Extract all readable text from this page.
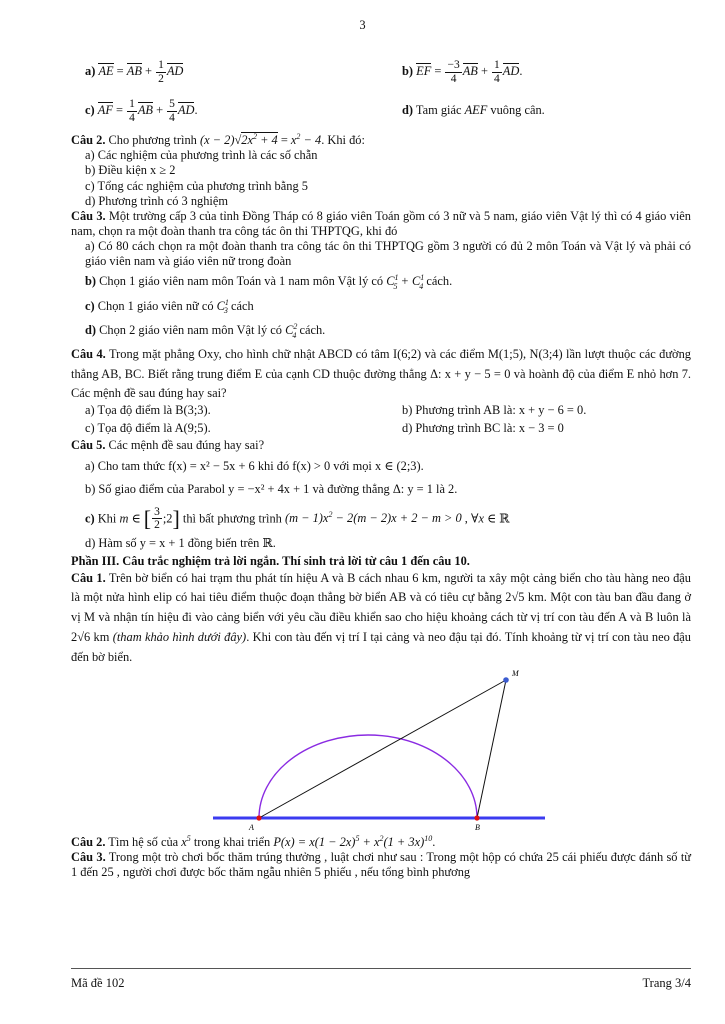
3
a) AE = AB + $\frac{1}{2}$ AD	b) EF = $\frac{-3}{4}$ AB + $\frac{1}{4}$ AD.
c) AF = $\frac{1}{4}$ AB + $\frac{5}{4}$ AD.	d) Tam giác AEF vuông cân.
Câu 2. Cho phương trình $(x - 2)√2x^2 + 4 = x^2 - 4$. Khi đó:
a) Các nghiệm của phương trình là các số chẵn
b) Điều kiện x ≥ 2
c) Tổng các nghiệm của phương trình bằng 5
d) Phương trình có 3 nghiệm
Câu 3. Một trường cấp 3 của tỉnh Đồng Tháp có 8 giáo viên Toán gồm có 3 nữ và 5 nam, giáo viên Vật lý thì có 4 giáo viên nam, chọn ra một đoàn thanh tra công tác ôn thi THPTQG, khi đó
a) Có 80 cách chọn ra một đoàn thanh tra công tác ôn thi THPTQG gồm 3 người có đủ 2 môn Toán và Vật lý và phải có giáo viên nam và giáo viên nữ trong đoàn
b) Chọn 1 giáo viên nam môn Toán và 1 nam môn Vật lý có $C^1_5 + C^1_4$ cách.
c) Chọn 1 giáo viên nữ có $C^1_3$ cách
d) Chọn 2 giáo viên nam môn Vật lý có $C^2_4$ cách.
Câu 4. Trong mặt phẳng Oxy, cho hình chữ nhật ABCD có tâm I(6;2) và các điểm M(1;5), N(3;4) lần lượt thuộc các đường thẳng AB, BC. Biết rằng trung điểm E của cạnh CD thuộc đường thẳng Δ: x + y − 5 = 0 và hoành độ của điểm E nhỏ hơn 7. Các mệnh đề sau đúng hay sai?
a) Tọa độ điểm là B(3;3).	b) Phương trình AB là: x + y − 6 = 0.
c) Tọa độ điểm là A(9;5).	d) Phương trình BC là: x − 3 = 0
Câu 5. Các mệnh đề sau đúng hay sai?
a) Cho tam thức f(x) = x² − 5x + 6 khi đó f(x) > 0 với mọi x ∈ (2;3).
b) Số giao điểm của Parabol y = −x² + 4x + 1 và đường thẳng Δ: y = 1 là 2.
c) Khi m ∈ [ $\frac{3}{2}$ ;2] thì bất phương trình $(m - 1)x^2 - 2(m - 2)x + 2 - m > 0$ , ∀x ∈ ℝ
d) Hàm số y = x + 1 đồng biến trên ℝ.
Phần III. Câu trắc nghiệm trả lời ngắn. Thí sinh trả lời từ câu 1 đến câu 10.
Câu 1. Trên bờ biển có hai trạm thu phát tín hiệu A và B cách nhau 6 km, người ta xây một cảng biển cho tàu hàng neo đậu là một nửa hình elip có hai tiêu điểm thuộc đoạn thẳng bờ biển AB và có tiêu cự bằng 2√5 km. Một con tàu ban đầu đang ở vị M và nhận tín hiệu đi vào cảng biển với yêu cầu điều khiển sao cho hiệu khoảng cách từ vị trí con tàu đến A và B luôn là 2√6 km (tham khảo hình dưới đây). Khi con tàu đến vị trí I tại cảng và neo đậu tại đó. Tính khoảng từ vị trí con tàu neo đậu đến bờ biển.
M
A	B
Câu 2. Tìm hệ số của $x^5$ trong khai triển $P(x) = x(1 - 2x)^5 + x^2(1 + 3x)^{10}$.
Câu 3. Trong một trò chơi bốc thăm trúng thưởng , luật chơi như sau : Trong một hộp có chứa 25 cái phiếu được đánh số từ 1 đến 25 , người chơi được bốc thăm ngẫu nhiên 5 phiếu , nếu tổng bình phương
Mã đề 102	Trang 3/4
